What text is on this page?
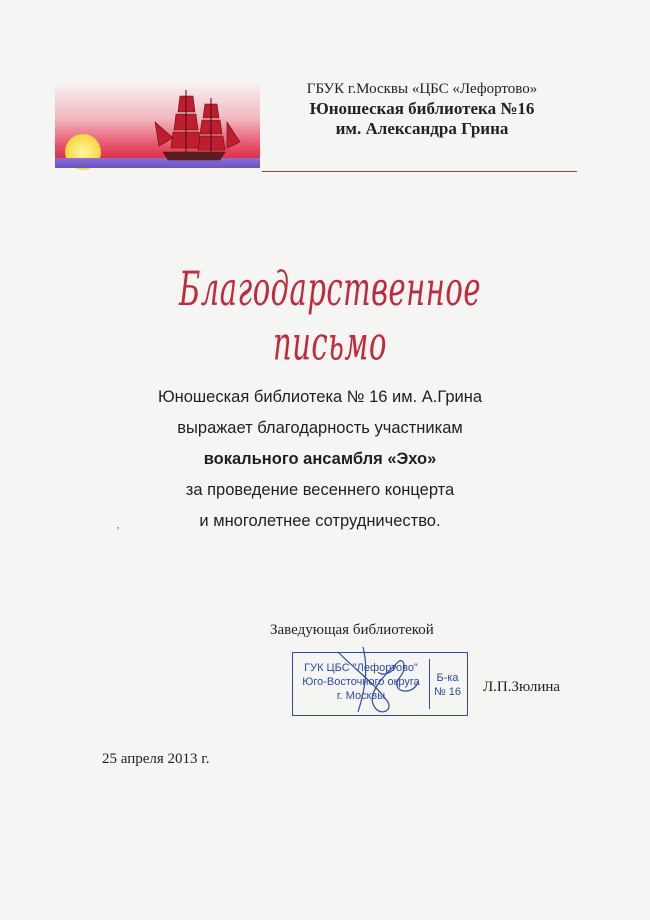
ГБУК г.Москвы «ЦБС «Лефортово»
Юношеская библиотека №16
им. Александра Грина
Благодарственное письмо
Юношеская библиотека № 16 им. А.Грина
выражает благодарность участникам
вокального ансамбля «Эхо»
за проведение весеннего концерта
и многолетнее сотрудничество.
,
Заведующая библиотекой
ГУК ЦБС "Лефортово"
Юго-Восточного округа
г. Москвы
Б-ка
№ 16 Л.П.Зюлина
25 апреля 2013 г.
